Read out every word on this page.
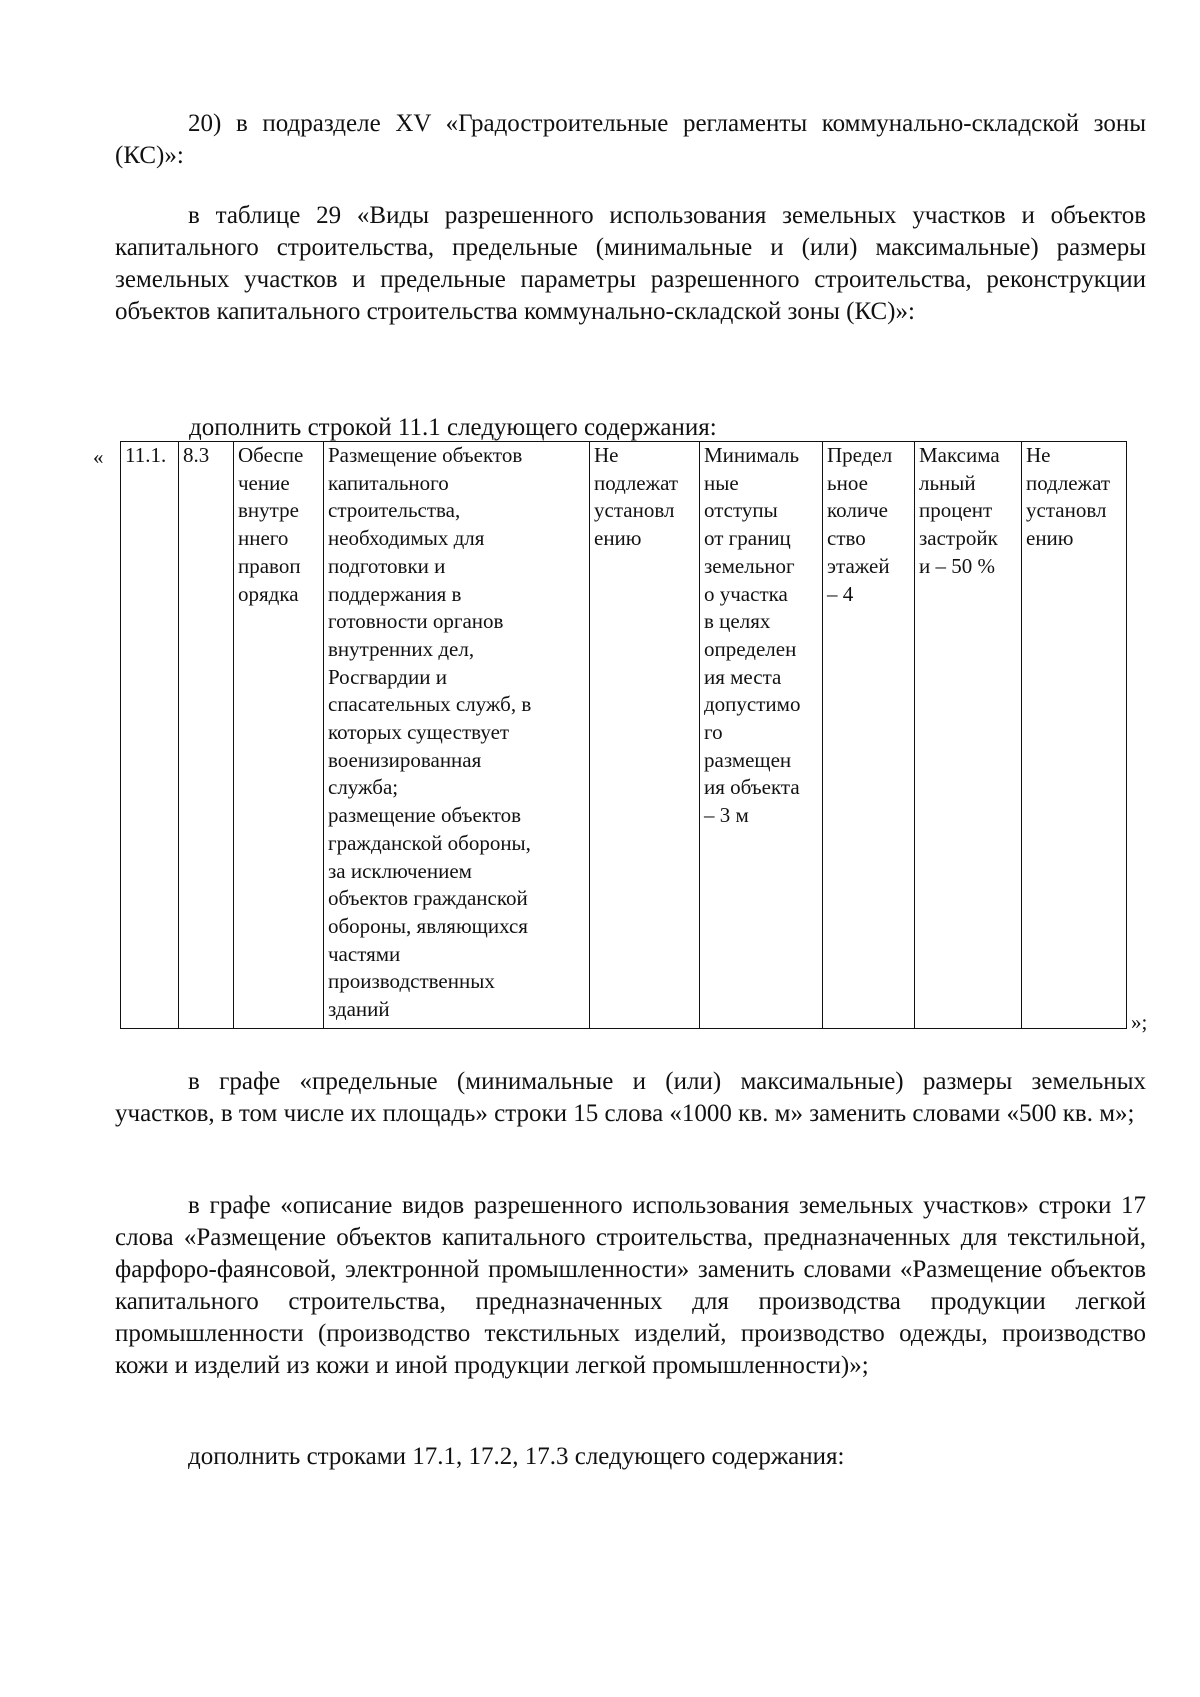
20) в подразделе XV «Градостроительные регламенты коммунально-складской зоны (КС)»:

в таблице 29 «Виды разрешенного использования земельных участков и объектов капитального строительства, предельные (минимальные и (или) максимальные) размеры земельных участков и предельные параметры разрешенного строительства, реконструкции объектов капитального строительства коммунально-складской зоны (КС)»:

дополнить строкой 11.1 следующего содержания:

« 11.1.	8.3	Обеспе
чение
внутре
ннего
правоп
орядка	Размещение объектов
капитального
строительства,
необходимых для
подготовки и
поддержания в
готовности органов
внутренних дел,
Росгвардии и
спасательных служб, в
которых существует
военизированная
служба;
размещение объектов
гражданской обороны,
за исключением
объектов гражданской
обороны, являющихся
частями
производственных
зданий	Не
подлежат
установл
ению	Минималь
ные
отступы
от границ
земельног
о участка
в целях
определен
ия места
допустимо
го
размещен
ия объекта
– 3 м	Предел
ьное
количе
ство
этажей
– 4	Максима
льный
процент
застройк
и – 50 %	Не
подлежат
установл
ению
»;

в графе «предельные (минимальные и (или) максимальные) размеры земельных участков, в том числе их площадь» строки 15 слова «1000 кв. м» заменить словами «500 кв. м»;

в графе «описание видов разрешенного использования земельных участков» строки 17 слова «Размещение объектов капитального строительства, предназначенных для текстильной, фарфоро-фаянсовой, электронной промышленности» заменить словами «Размещение объектов капитального строительства, предназначенных для производства продукции легкой промышленности (производство текстильных изделий, производство одежды, производство кожи и изделий из кожи и иной продукции легкой промышленности)»;

дополнить строками 17.1, 17.2, 17.3 следующего содержания:
